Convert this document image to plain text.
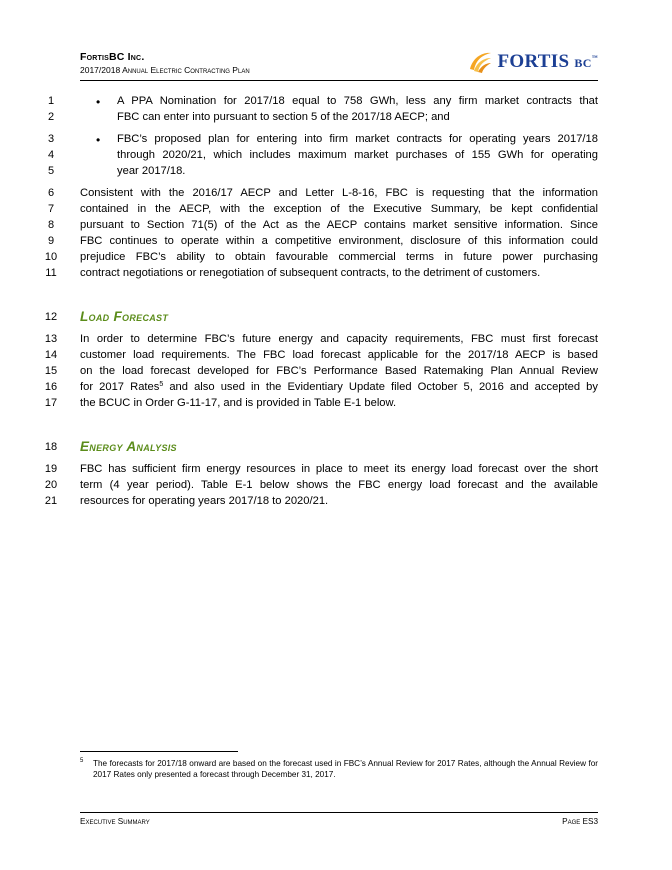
FortisBC Inc.
2017/2018 Annual Electric Contracting Plan	FORTIS BC™
1	• A PPA Nomination for 2017/18 equal to 758 GWh, less any firm market contracts that
2	FBC can enter into pursuant to section 5 of the 2017/18 AECP; and
3	• FBC’s proposed plan for entering into firm market contracts for operating years 2017/18
4	through 2020/21, which includes maximum market purchases of 155 GWh for operating
5	year 2017/18.
6	Consistent with the 2016/17 AECP and Letter L-8-16, FBC is requesting that the information
7	contained in the AECP, with the exception of the Executive Summary, be kept confidential
8	pursuant to Section 71(5) of the Act as the AECP contains market sensitive information. Since
9	FBC continues to operate within a competitive environment, disclosure of this information could
10	prejudice FBC’s ability to obtain favourable commercial terms in future power purchasing
11	contract negotiations or renegotiation of subsequent contracts, to the detriment of customers.
12	Load Forecast
13	In order to determine FBC’s future energy and capacity requirements, FBC must first forecast
14	customer load requirements. The FBC load forecast applicable for the 2017/18 AECP is based
15	on the load forecast developed for FBC’s Performance Based Ratemaking Plan Annual Review
16	for 2017 Rates$^5$ and also used in the Evidentiary Update filed October 5, 2016 and accepted by
17	the BCUC in Order G-11-17, and is provided in Table E-1 below.
18	Energy Analysis
19	FBC has sufficient firm energy resources in place to meet its energy load forecast over the short
20	term (4 year period). Table E-1 below shows the FBC energy load forecast and the available
21	resources for operating years 2017/18 to 2020/21.
5 The forecasts for 2017/18 onward are based on the forecast used in FBC’s Annual Review for 2017 Rates, although the Annual Review for 2017 Rates only presented a forecast through December 31, 2017.
Executive Summary	Page ES3
